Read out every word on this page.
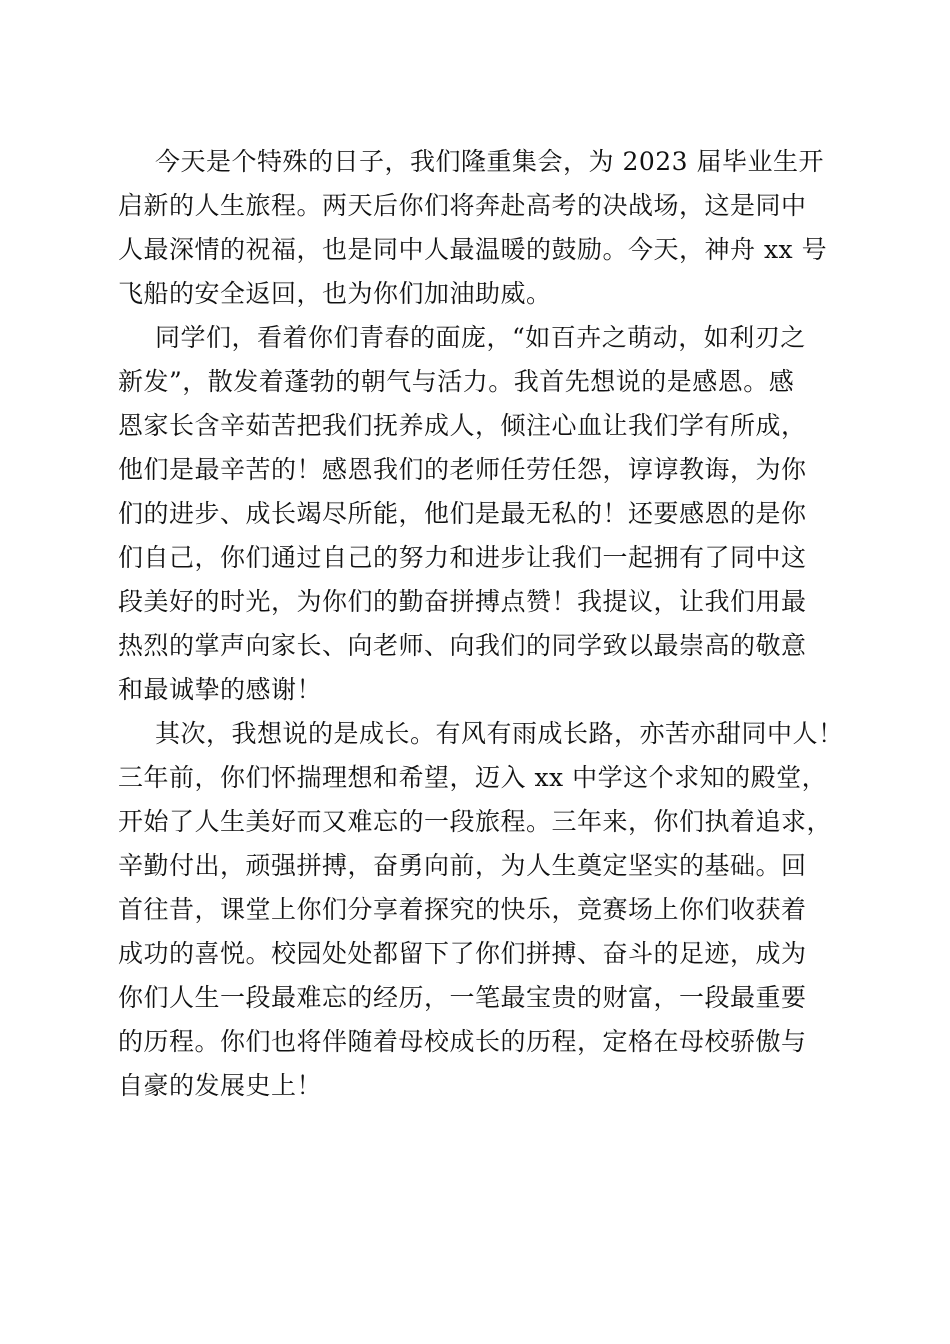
今天是个特殊的日子，我们隆重集会，为 2023 届毕业生开
启新的人生旅程。两天后你们将奔赴高考的决战场，这是同中
人最深情的祝福，也是同中人最温暖的鼓励。今天，神舟 xx 号
飞船的安全返回，也为你们加油助威。
同学们，看着你们青春的面庞，“如百卉之萌动，如利刃之
新发”，散发着蓬勃的朝气与活力。我首先想说的是感恩。感
恩家长含辛茹苦把我们抚养成人，倾注心血让我们学有所成，
他们是最辛苦的！感恩我们的老师任劳任怨，谆谆教诲，为你
们的进步、成长竭尽所能，他们是最无私的！还要感恩的是你
们自己，你们通过自己的努力和进步让我们一起拥有了同中这
段美好的时光，为你们的勤奋拼搏点赞！我提议，让我们用最
热烈的掌声向家长、向老师、向我们的同学致以最崇高的敬意
和最诚挚的感谢！
其次，我想说的是成长。有风有雨成长路，亦苦亦甜同中人！
三年前，你们怀揣理想和希望，迈入 xx 中学这个求知的殿堂，
开始了人生美好而又难忘的一段旅程。三年来，你们执着追求，
辛勤付出，顽强拼搏，奋勇向前，为人生奠定坚实的基础。回
首往昔，课堂上你们分享着探究的快乐，竞赛场上你们收获着
成功的喜悦。校园处处都留下了你们拼搏、奋斗的足迹，成为
你们人生一段最难忘的经历，一笔最宝贵的财富，一段最重要
的历程。你们也将伴随着母校成长的历程，定格在母校骄傲与
自豪的发展史上！
